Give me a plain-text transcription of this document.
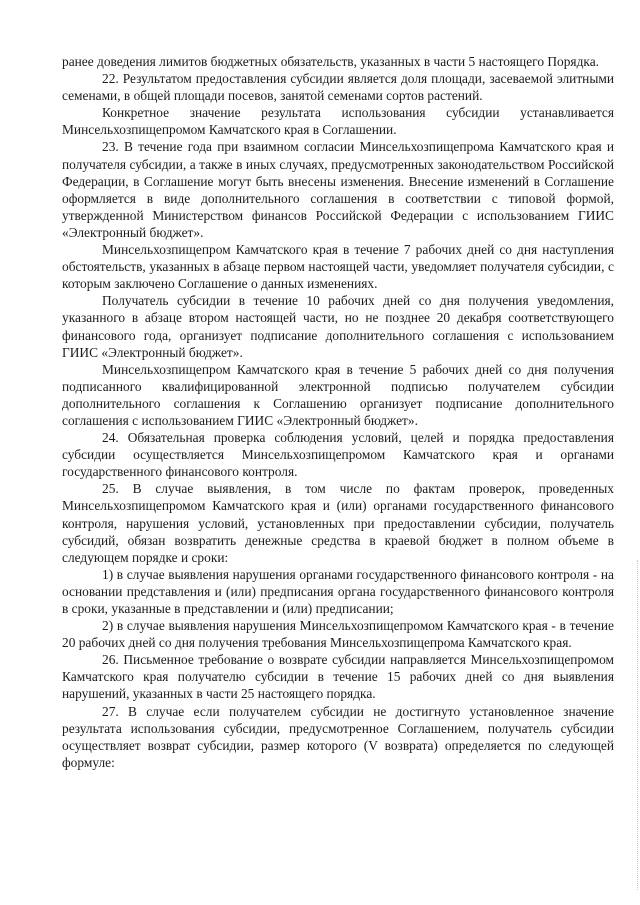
ранее доведения лимитов бюджетных обязательств, указанных в части 5 настоящего Порядка.

22. Результатом предоставления субсидии является доля площади, засеваемой элитными семенами, в общей площади посевов, занятой семенами сортов растений.

Конкретное значение результата использования субсидии устанавливается Минсельхозпищепромом Камчатского края в Соглашении.

23. В течение года при взаимном согласии Минсельхозпищепрома Камчатского края и получателя субсидии, а также в иных случаях, предусмотренных законодательством Российской Федерации, в Соглашение могут быть внесены изменения. Внесение изменений в Соглашение оформляется в виде дополнительного соглашения в соответствии с типовой формой, утвержденной Министерством финансов Российской Федерации с использованием ГИИС «Электронный бюджет».

Минсельхозпищепром Камчатского края в течение 7 рабочих дней со дня наступления обстоятельств, указанных в абзаце первом настоящей части, уведомляет получателя субсидии, с которым заключено Соглашение о данных изменениях.

Получатель субсидии в течение 10 рабочих дней со дня получения уведомления, указанного в абзаце втором настоящей части, но не позднее 20 декабря соответствующего финансового года, организует подписание дополнительного соглашения с использованием ГИИС «Электронный бюджет».

Минсельхозпищепром Камчатского края в течение 5 рабочих дней со дня получения подписанного квалифицированной электронной подписью получателем субсидии дополнительного соглашения к Соглашению организует подписание дополнительного соглашения с использованием ГИИС «Электронный бюджет».

24. Обязательная проверка соблюдения условий, целей и порядка предоставления субсидии осуществляется Минсельхозпищепромом Камчатского края и органами государственного финансового контроля.

25. В случае выявления, в том числе по фактам проверок, проведенных Минсельхозпищепромом Камчатского края и (или) органами государственного финансового контроля, нарушения условий, установленных при предоставлении субсидии, получатель субсидий, обязан возвратить денежные средства в краевой бюджет в полном объеме в следующем порядке и сроки:

1) в случае выявления нарушения органами государственного финансового контроля - на основании представления и (или) предписания органа государственного финансового контроля в сроки, указанные в представлении и (или) предписании;

2) в случае выявления нарушения Минсельхозпищепромом Камчатского края - в течение 20 рабочих дней со дня получения требования Минсельхозпищепрома Камчатского края.

26. Письменное требование о возврате субсидии направляется Минсельхозпищепромом Камчатского края получателю субсидии в течение 15 рабочих дней со дня выявления нарушений, указанных в части 25 настоящего порядка.

27. В случае если получателем субсидии не достигнуто установленное значение результата использования субсидии, предусмотренное Соглашением, получатель субсидии осуществляет возврат субсидии, размер которого (V возврата) определяется по следующей формуле:
